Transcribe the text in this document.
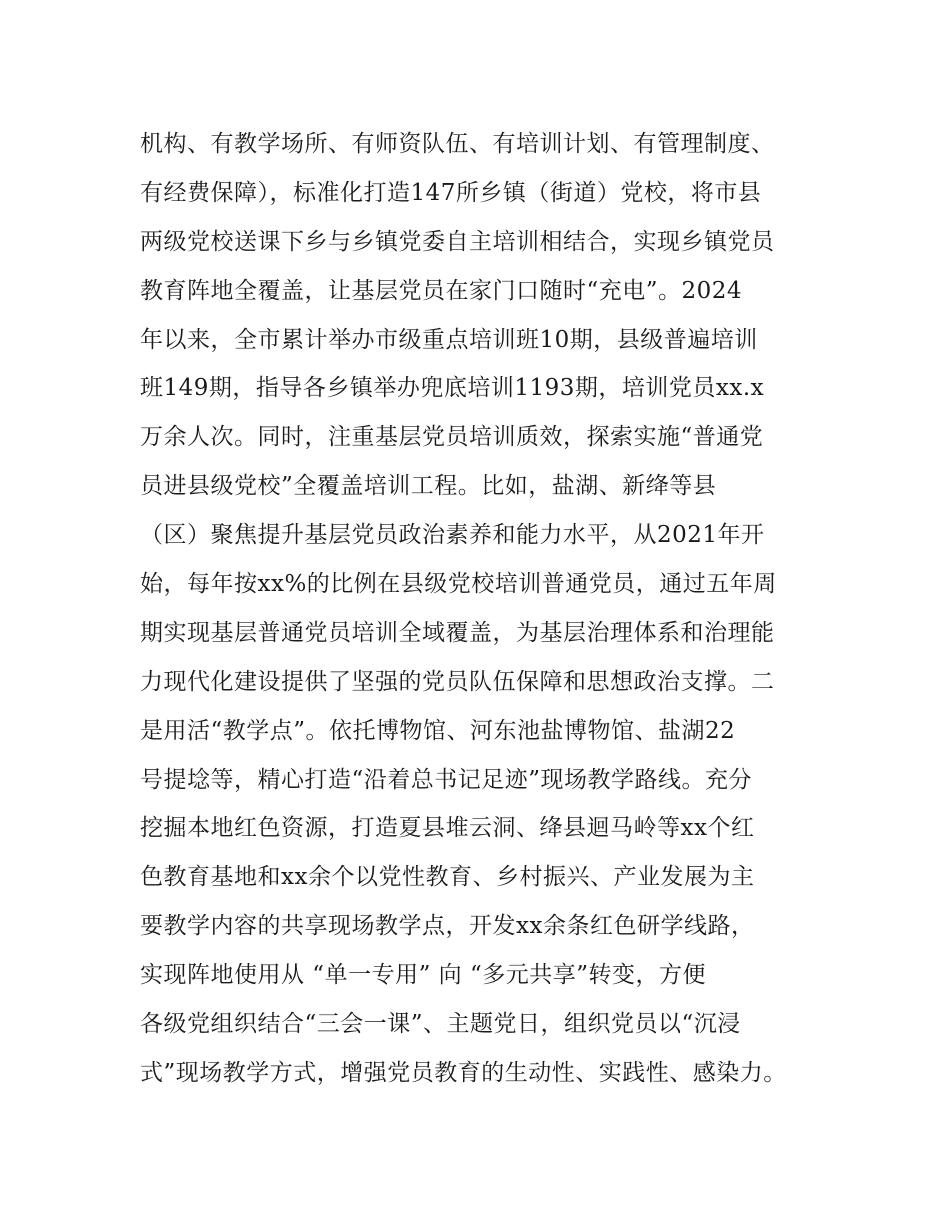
机构、有教学场所、有师资队伍、有培训计划、有管理制度、
有经费保障），标准化打造147所乡镇（街道）党校，将市县
两级党校送课下乡与乡镇党委自主培训相结合，实现乡镇党员
教育阵地全覆盖，让基层党员在家门口随时“充电”。2024
年以来，全市累计举办市级重点培训班10期，县级普遍培训
班149期，指导各乡镇举办兜底培训1193期，培训党员xx.x
万余人次。同时，注重基层党员培训质效，探索实施“普通党
员进县级党校”全覆盖培训工程。比如，盐湖、新绛等县
（区）聚焦提升基层党员政治素养和能力水平，从2021年开
始，每年按xx%的比例在县级党校培训普通党员，通过五年周
期实现基层普通党员培训全域覆盖，为基层治理体系和治理能
力现代化建设提供了坚强的党员队伍保障和思想政治支撑。二
是用活“教学点”。依托博物馆、河东池盐博物馆、盐湖22
号提埝等，精心打造“沿着总书记足迹”现场教学路线。充分
挖掘本地红色资源，打造夏县堆云洞、绛县迴马岭等xx个红
色教育基地和xx余个以党性教育、乡村振兴、产业发展为主
要教学内容的共享现场教学点，开发xx余条红色研学线路，
实现阵地使用从 “单一专用” 向 “多元共享”转变，方便
各级党组织结合“三会一课”、主题党日，组织党员以“沉浸
式”现场教学方式，增强党员教育的生动性、实践性、感染力。
